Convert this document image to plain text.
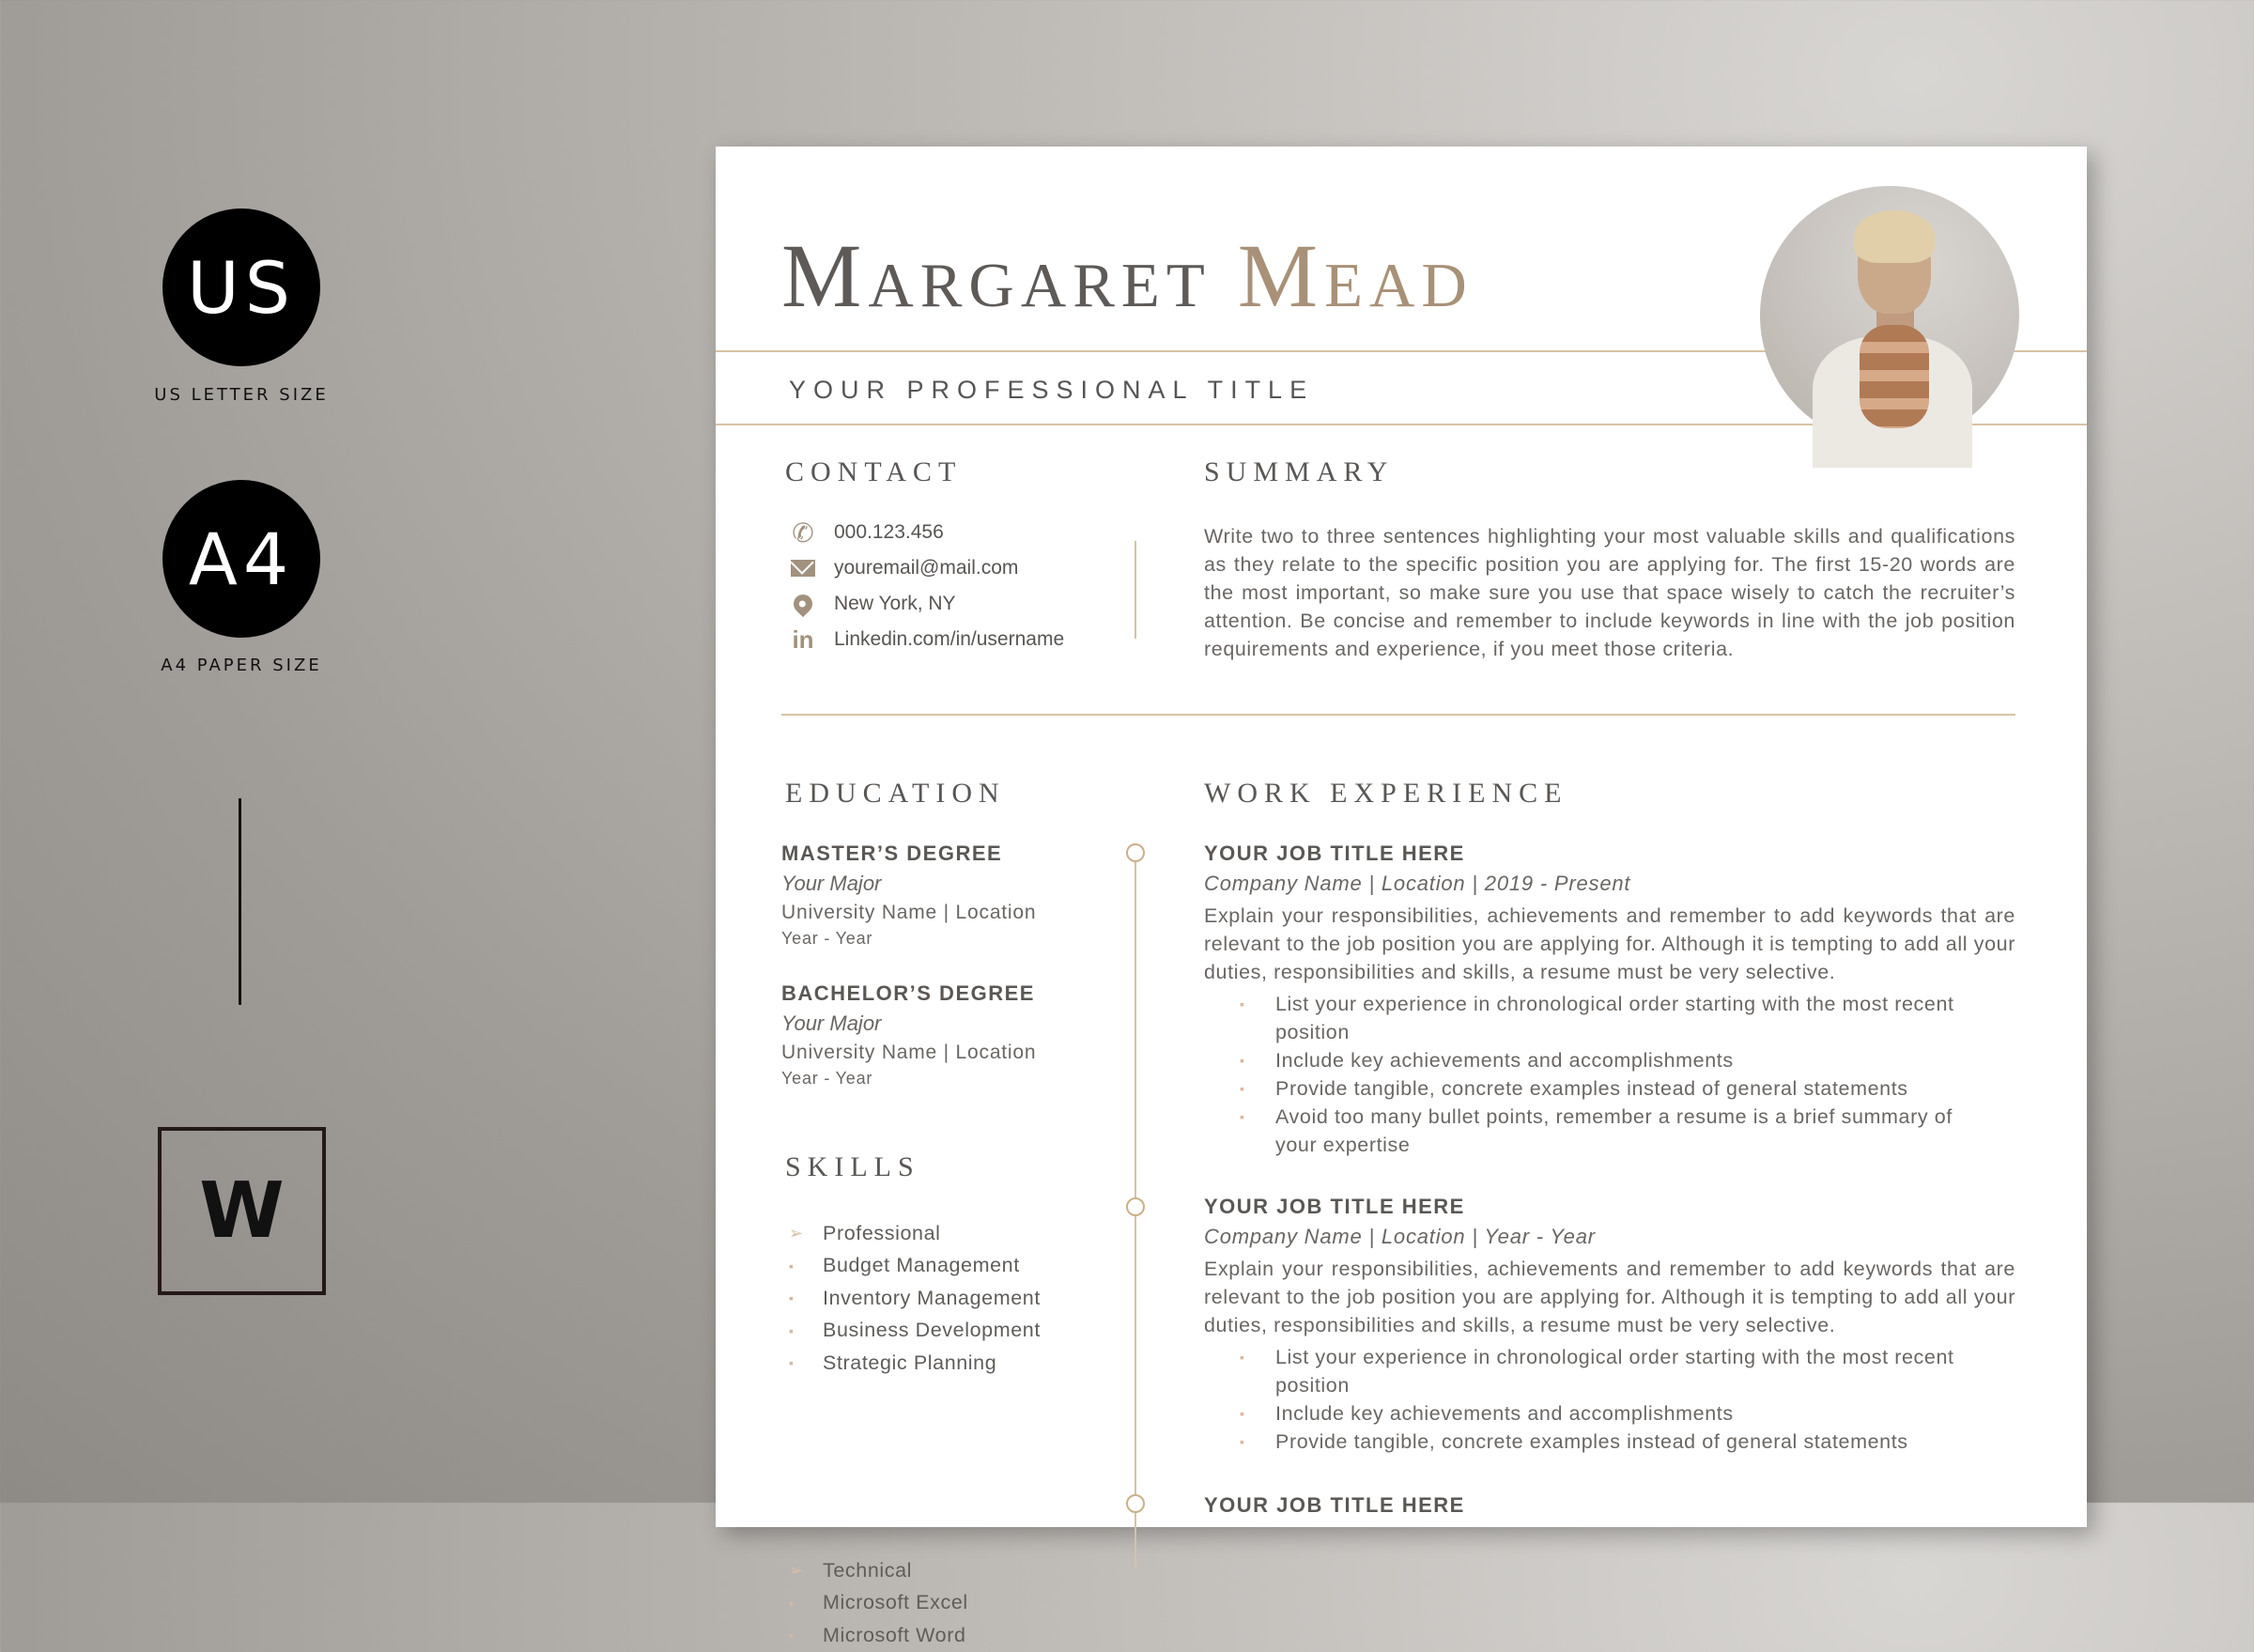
US
US LETTER SIZE
A4
A4 PAPER SIZE
W
Margaret Mead
YOUR PROFESSIONAL TITLE
CONTACT
✆ 000.123.456
youremail@mail.com
New York, NY
in Linkedin.com/in/username
SUMMARY
Write two to three sentences highlighting your most valuable skills and qualifications as they relate to the specific position you are applying for. The first 15-20 words are the most important, so make sure you use that space wisely to catch the recruiter’s attention. Be concise and remember to include keywords in line with the job position requirements and experience, if you meet those criteria.
EDUCATION
MASTER’S DEGREE
Your Major
University Name | Location
Year - Year
BACHELOR’S DEGREE
Your Major
University Name | Location
Year - Year
SKILLS
➢ Professional
▪	Budget Management
▪	Inventory Management
▪	Business Development
▪	Strategic Planning
➢ Technical
▪	Microsoft Excel
▪	Microsoft Word
WORK EXPERIENCE
YOUR JOB TITLE HERE
Company Name | Location | 2019 - Present
Explain your responsibilities, achievements and remember to add keywords that are relevant to the job position you are applying for. Although it is tempting to add all your duties, responsibilities and skills, a resume must be very selective.
▪ List your experience in chronological order starting with the most recent position
▪ Include key achievements and accomplishments
▪ Provide tangible, concrete examples instead of general statements
▪ Avoid too many bullet points, remember a resume is a brief summary of your expertise
YOUR JOB TITLE HERE
Company Name | Location | Year - Year
Explain your responsibilities, achievements and remember to add keywords that are relevant to the job position you are applying for. Although it is tempting to add all your duties, responsibilities and skills, a resume must be very selective.
▪ List your experience in chronological order starting with the most recent position
▪ Include key achievements and accomplishments
▪ Provide tangible, concrete examples instead of general statements
YOUR JOB TITLE HERE
